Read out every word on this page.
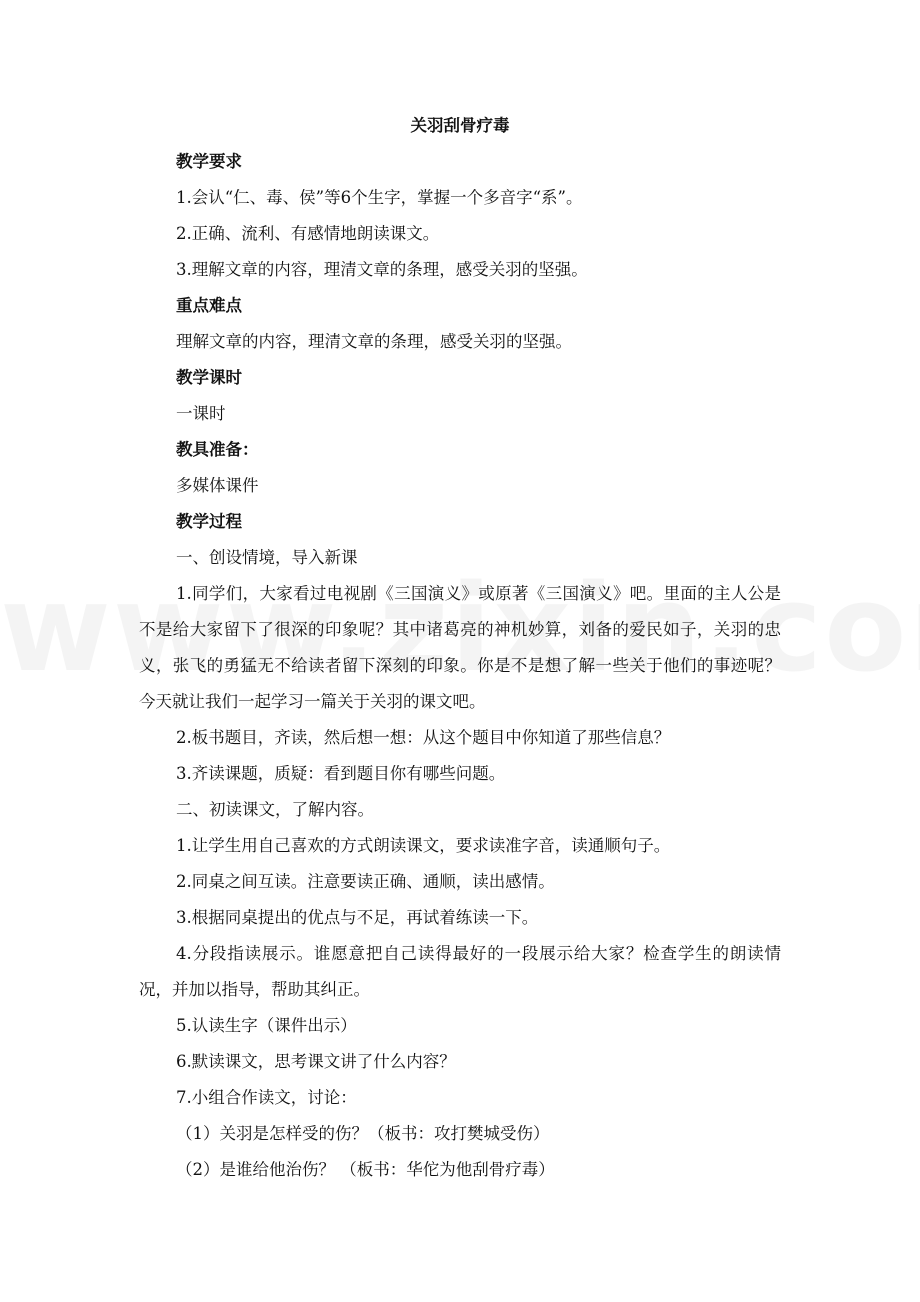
关羽刮骨疗毒
教学要求
1.会认“仁、毒、侯”等6个生字，掌握一个多音字“系”。
2.正确、流利、有感情地朗读课文。
3.理解文章的内容，理清文章的条理，感受关羽的坚强。
重点难点
理解文章的内容，理清文章的条理，感受关羽的坚强。
教学课时
一课时
教具准备：
多媒体课件
教学过程
一、创设情境，导入新课
1.同学们，大家看过电视剧《三国演义》或原著《三国演义》吧。里面的主人公是不是给大家留下了很深的印象呢？其中诸葛亮的神机妙算，刘备的爱民如子，关羽的忠义，张飞的勇猛无不给读者留下深刻的印象。你是不是想了解一些关于他们的事迹呢？今天就让我们一起学习一篇关于关羽的课文吧。
2.板书题目，齐读，然后想一想：从这个题目中你知道了那些信息？
3.齐读课题，质疑：看到题目你有哪些问题。
二、初读课文，了解内容。
1.让学生用自己喜欢的方式朗读课文，要求读准字音，读通顺句子。
2.同桌之间互读。注意要读正确、通顺，读出感情。
3.根据同桌提出的优点与不足，再试着练读一下。
4.分段指读展示。谁愿意把自己读得最好的一段展示给大家？检查学生的朗读情况，并加以指导，帮助其纠正。
5.认读生字（课件出示）
6.默读课文，思考课文讲了什么内容？
7.小组合作读文，讨论：
（1）关羽是怎样受的伤？（板书：攻打樊城受伤）
（2）是谁给他治伤？ （板书：华佗为他刮骨疗毒）
